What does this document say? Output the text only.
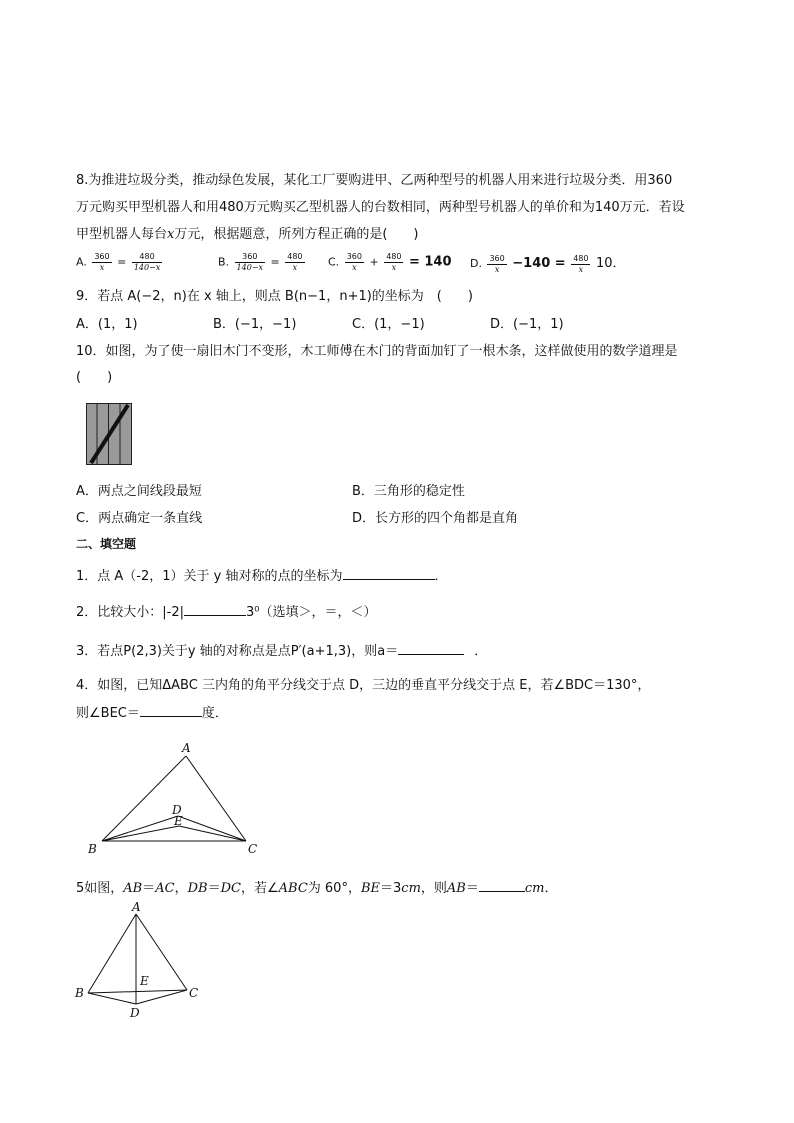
8.为推进垃圾分类，推动绿色发展，某化工厂要购进甲、乙两种型号的机器人用来进行垃圾分类．用360
万元购买甲型机器人和用480万元购买乙型机器人的台数相同，两种型号机器人的单价和为140万元．若设
甲型机器人每台x万元，根据题意，所列方程正确的是(　　)
A. $\frac{360}{x} = \frac{480}{140-x}$	B. $\frac{360}{140-x} = \frac{480}{x} C$. $\frac{360}{x} + \frac{480}{x} = 140$ D. $\frac{360}{x} -140 = \frac{480}{x} 10$．
9．若点 A(−2，n)在 x 轴上，则点 B(n−1，n+1)的坐标为　(　　)
A．(1，1)	B．(−1，−1)	C．(1，−1)	D．(−1，1)
10．如图，为了使一扇旧木门不变形，木工师傅在木门的背面加钉了一根木条，这样做使用的数学道理是
(　　)
A．两点之间线段最短	B．三角形的稳定性
C．两点确定一条直线	D．长方形的四个角都是直角
二、填空题
1．点 A（-2，1）关于 y 轴对称的点的坐标为	．
2．比较大小：|-2|	3⁰（选填＞，＝，＜）
3．若点P(2,3)关于y 轴的对称点是点P′(a+1,3)，则a＝	．
4．如图，已知ΔABC 三内角的角平分线交于点 D，三边的垂直平分线交于点 E，若∠BDC＝130°，
则∠BEC＝	度．
A
B	C
D
E
5如图，AB＝AC，DB＝DC，若∠ABC为 60°，BE＝3cm，则AB＝	cm．
A
B	C
D
E
